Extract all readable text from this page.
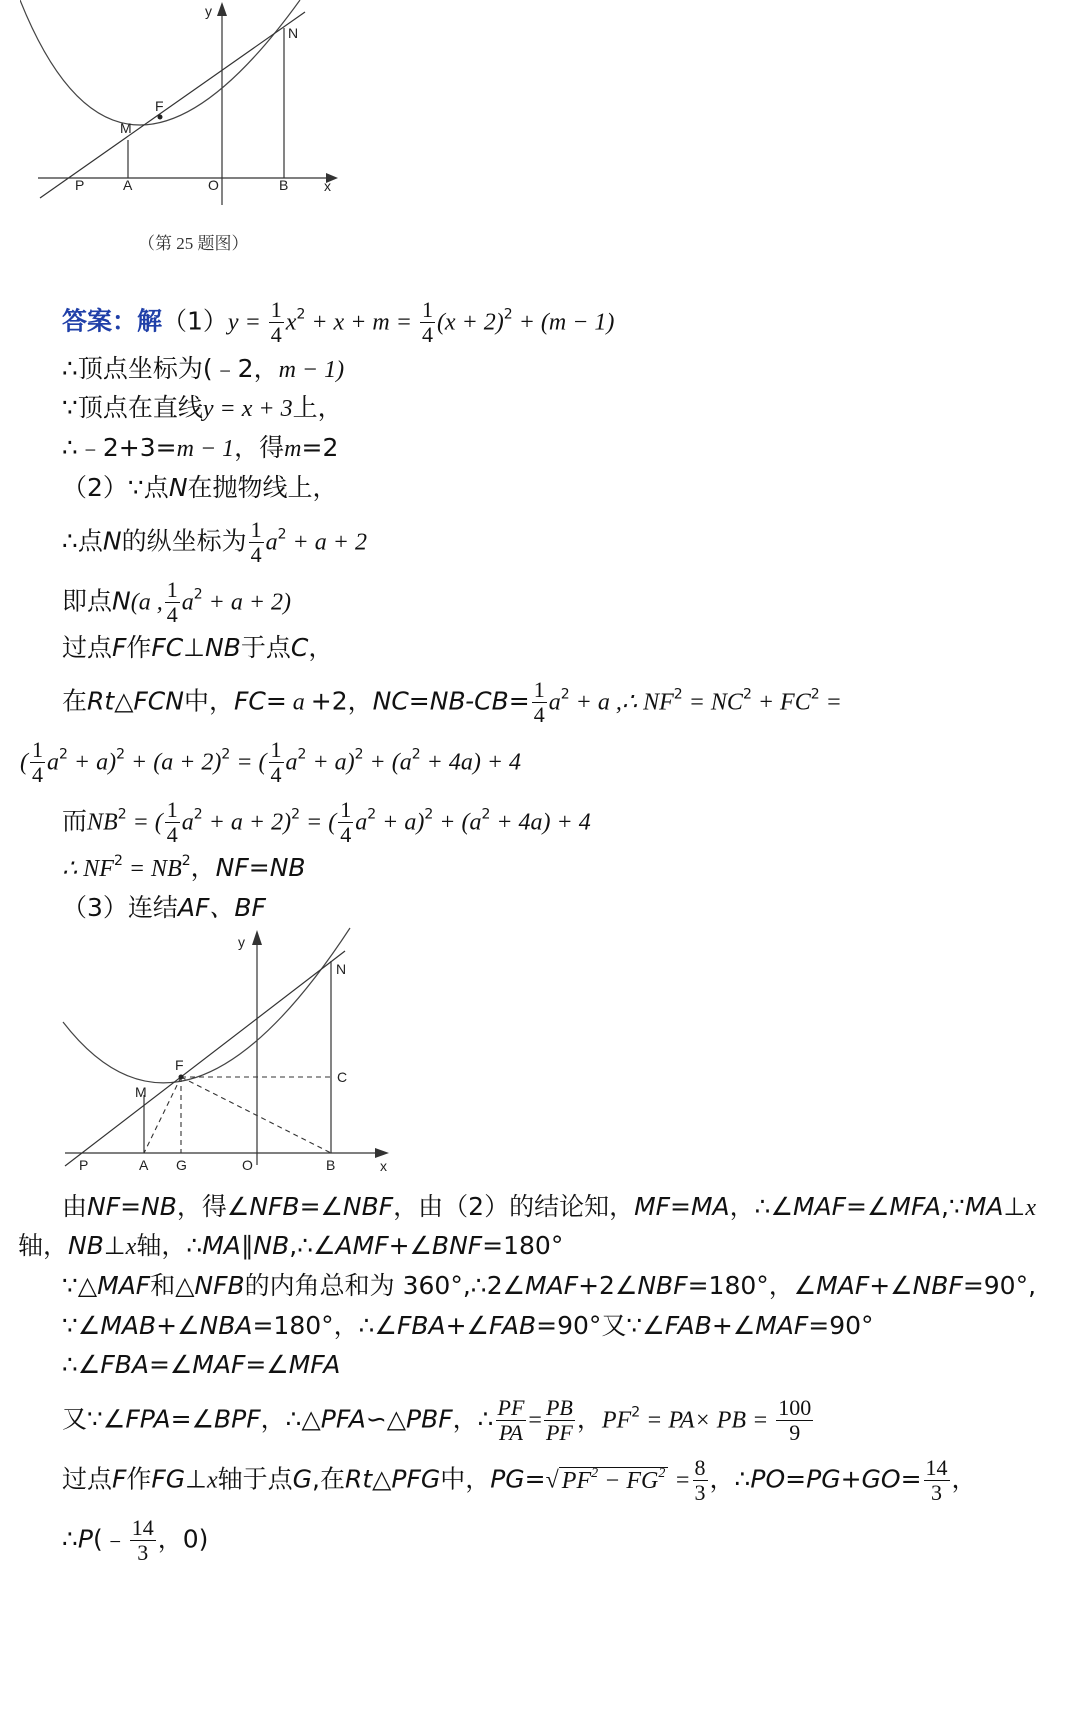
y
x
N
F
M
P	A	O	B
（第 25 题图）
答案：解$(1)y = \frac{1}{4} x^2 + x + m = \frac{1}{4} (x + 2)^2 + (m - 1)$
∴顶点坐标为(﹣2，m − 1)
∵顶点在直线y = x + 3上，
∴﹣2+3=m − 1，得m=2
（2）∵点N在抛物线上，
∴点N的纵坐标为 $\frac{1}{4} a^2 + a + 2$
即点N(a , $\frac{1}{4} a^2 + a + 2$)
过点F作FC⊥NB于点C，
在Rt△FCN中，FC= a +2，$NC=NB-CB= \frac{1}{4} a^2 + a$ ,∴ $NF^2 = NC^2 + FC^2$ =
( $\frac{1}{4} a^2 + a)^2 + (a + 2)^2$ = ( $\frac{1}{4} a^2 + a)^2 + (a^2 + 4a) + 4$
而$NB^2$ = ( $\frac{1}{4} a^2 + a + 2)^2$ = ( $\frac{1}{4} a^2 + a)^2 + (a^2 + 4a) + 4$
∴ $NF^2 = NB^2$，NF=NB
（3）连结AF、BF
y
x
N
F
M
C
P	A G	O	B
由NF=NB，得∠NFB=∠NBF，由（2）的结论知，MF=MA，∴∠MAF=∠MFA,∵MA⊥x
轴，NB⊥x轴，∴MA∥NB,∴∠AMF+∠BNF=180°
∵△MAF和△NFB的内角总和为 360°,∴2∠MAF+2∠NBF=180°，∠MAF+∠NBF=90°,
∵∠MAB+∠NBA=180°，∴∠FBA+∠FAB=90°又∵∠FAB+∠MAF=90°
∴∠FBA=∠MAF=∠MFA
又∵∠FPA=∠BPF，∴△PFA∽△PBF，∴ $\frac{PF}{PA} = \frac{PB}{PF}$ ，$PF^2 = PA\times$ PB = $\frac{100}{9}$
过点F作FG⊥x轴于点G,在Rt△PFG中，PG=√ $PF^2 - FG^2 = \frac{8}{3}$ ，∴PO=PG+GO= $\frac{14}{3}$ ，
∴P(﹣ $\frac{14}{3}$ ，0)
